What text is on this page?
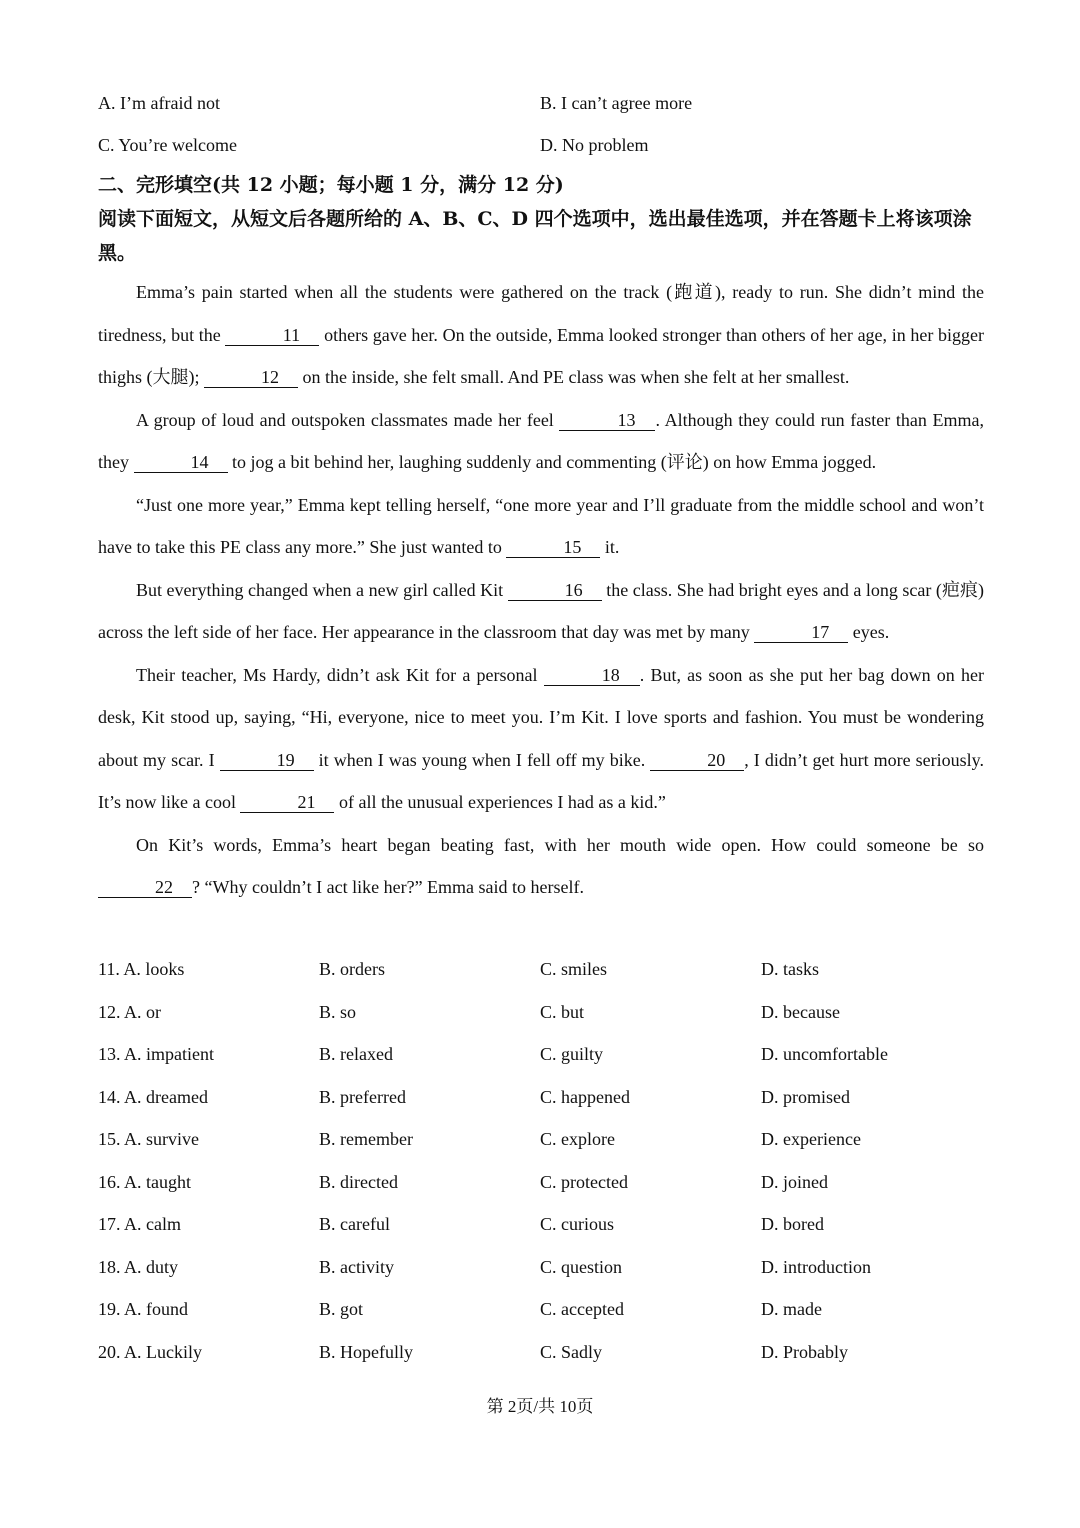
A. I’m afraid not	B. I can’t agree more
C. You’re welcome	D. No problem
二、完形填空(共 12 小题；每小题 1 分，满分 12 分)
阅读下面短文，从短文后各题所给的 A、B、C、D 四个选项中，选出最佳选项，并在答题卡上将该项涂黑。

Emma’s pain started when all the students were gathered on the track (跑道), ready to run. She didn’t mind the tiredness, but the	11 others gave her. On the outside, Emma looked stronger than others of her age, in her bigger thighs (大腿);	12 on the inside, she felt small. And PE class was when she felt at her smallest.

A group of loud and outspoken classmates made her feel	13 . Although they could run faster than Emma, they	14 to jog a bit behind her, laughing suddenly and commenting (评论) on how Emma jogged.

“Just one more year,” Emma kept telling herself, “one more year and I’ll graduate from the middle school and won’t have to take this PE class any more.” She just wanted to	15 it.

But everything changed when a new girl called Kit	16 the class. She had bright eyes and a long scar (疤痕) across the left side of her face. Her appearance in the classroom that day was met by many	17 eyes.

Their teacher, Ms Hardy, didn’t ask Kit for a personal	18 . But, as soon as she put her bag down on her desk, Kit stood up, saying, “Hi, everyone, nice to meet you. I’m Kit. I love sports and fashion. You must be wondering about my scar. I	19 it when I was young when I fell off my bike.	20 , I didn’t get hurt more seriously. It’s now like a cool	21 of all the unusual experiences I had as a kid.”

On Kit’s words, Emma’s heart began beating fast, with her mouth wide open. How could someone be so 22 ? “Why couldn’t I act like her?” Emma said to herself.

11. A. looks	B. orders	C. smiles	D. tasks
12. A. or	B. so	C. but	D. because
13. A. impatient	B. relaxed	C. guilty	D. uncomfortable
14. A. dreamed	B. preferred	C. happened	D. promised
15. A. survive	B. remember	C. explore	D. experience
16. A. taught	B. directed	C. protected	D. joined
17. A. calm	B. careful	C. curious	D. bored
18. A. duty	B. activity	C. question	D. introduction
19. A. found	B. got	C. accepted	D. made
20. A. Luckily	B. Hopefully	C. Sadly	D. Probably
第 2页/共 10页
